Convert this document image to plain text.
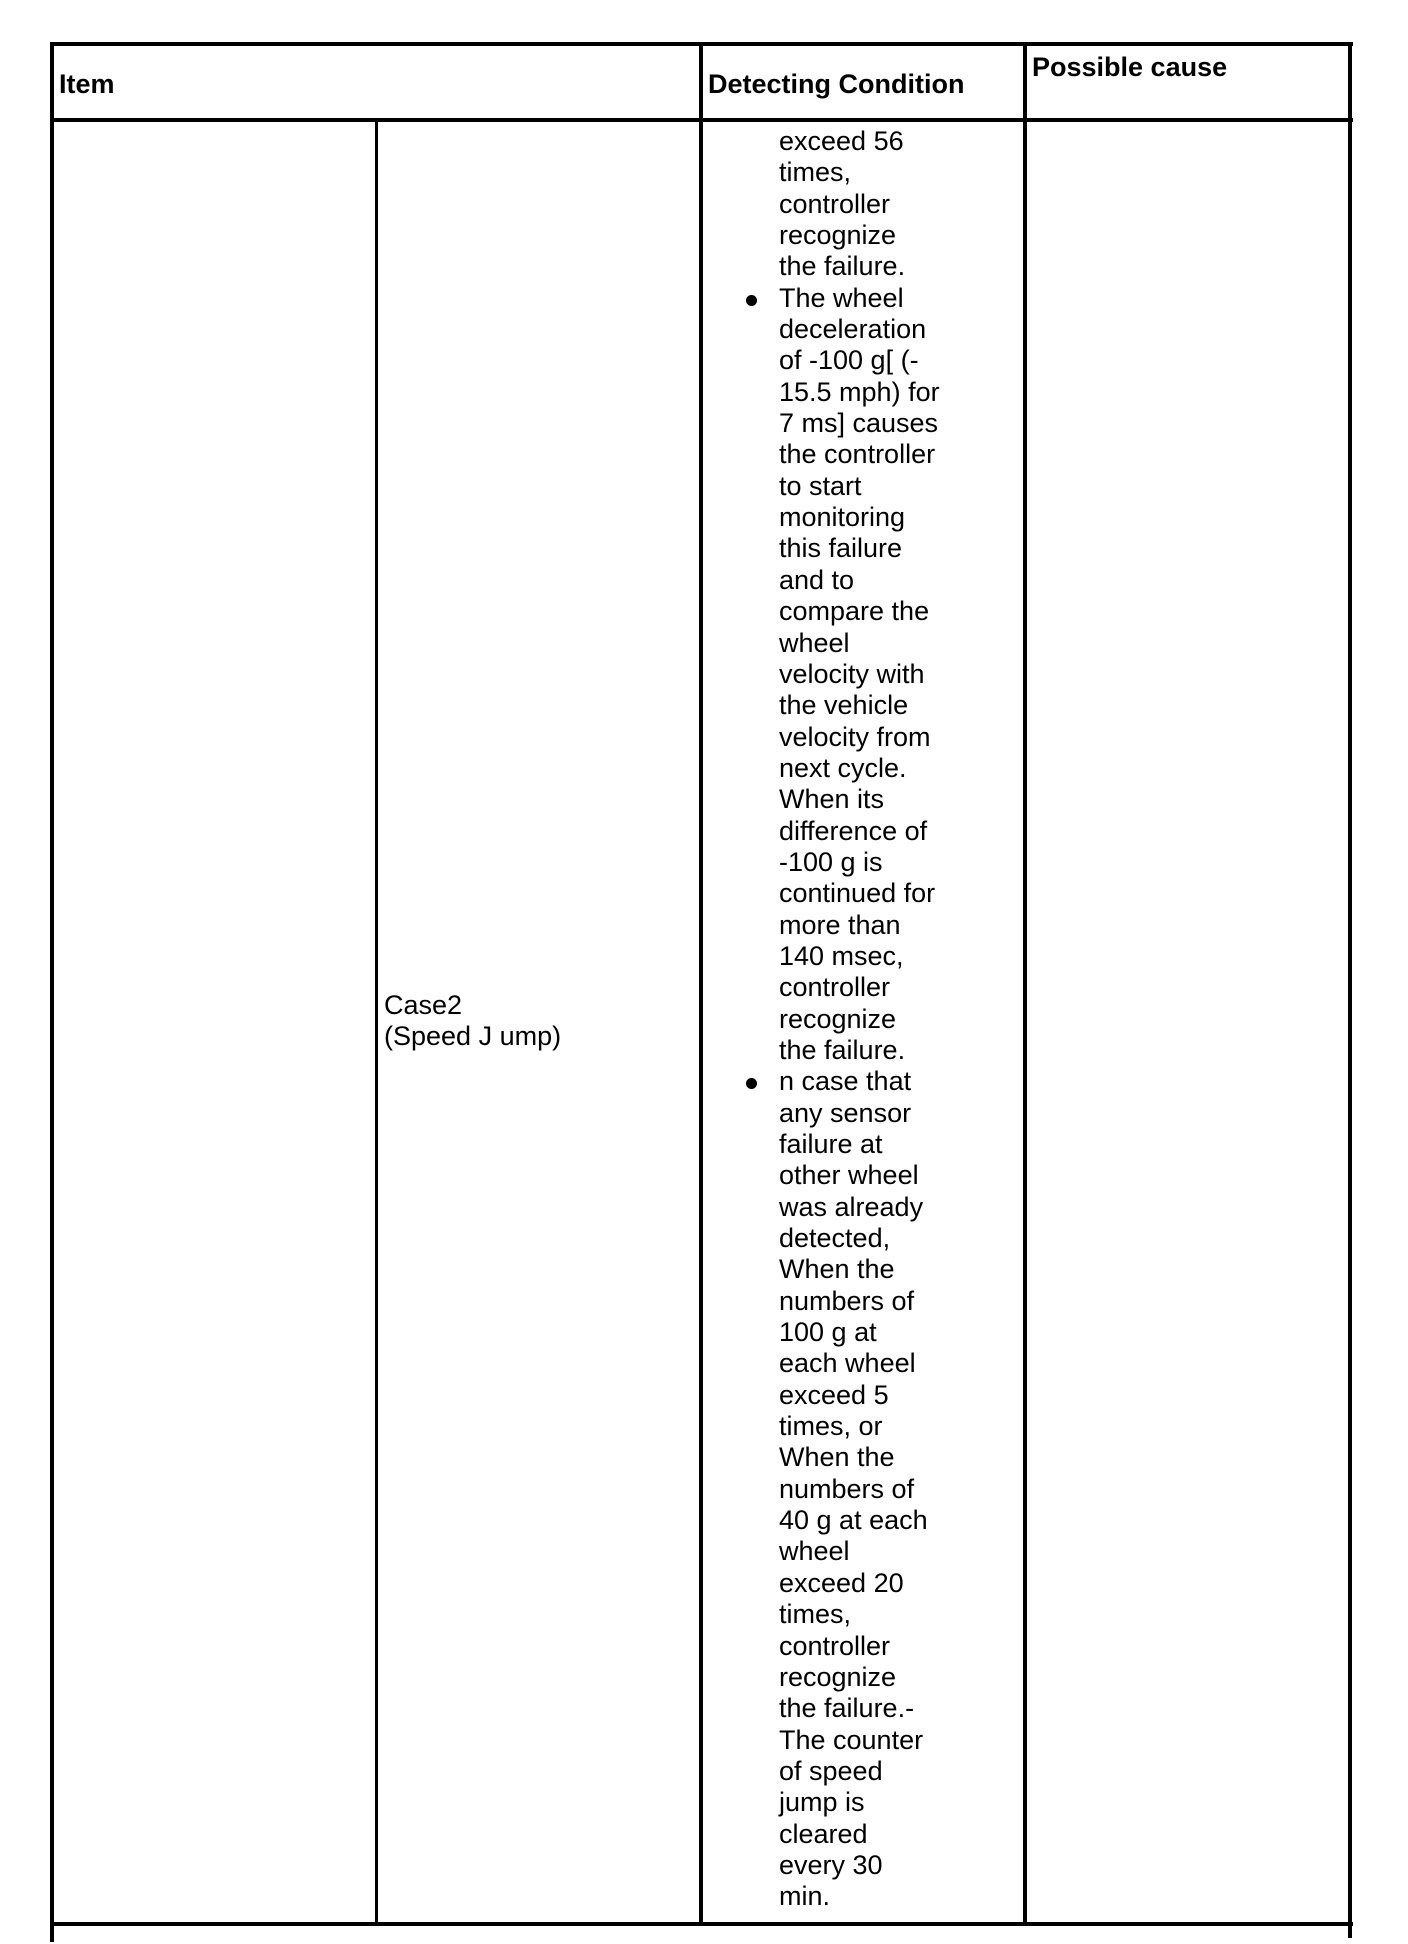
Item	Detecting Condition
Possible cause
Case2
(Speed J ump)
exceed 56
times,
controller
recognize
the failure.
The wheel
deceleration
of -100 g[ (-
15.5 mph) for
7 ms] causes
the controller
to start
monitoring
this failure
and to
compare the
wheel
velocity with
the vehicle
velocity from
next cycle.
When its
difference of
-100 g is
continued for
more than
140 msec,
controller
recognize
the failure.
n case that
any sensor
failure at
other wheel
was already
detected,
When the
numbers of
100 g at
each wheel
exceed 5
times, or
When the
numbers of
40 g at each
wheel
exceed 20
times,
controller
recognize
the failure.-
The counter
of speed
jump is
cleared
every 30
min.
